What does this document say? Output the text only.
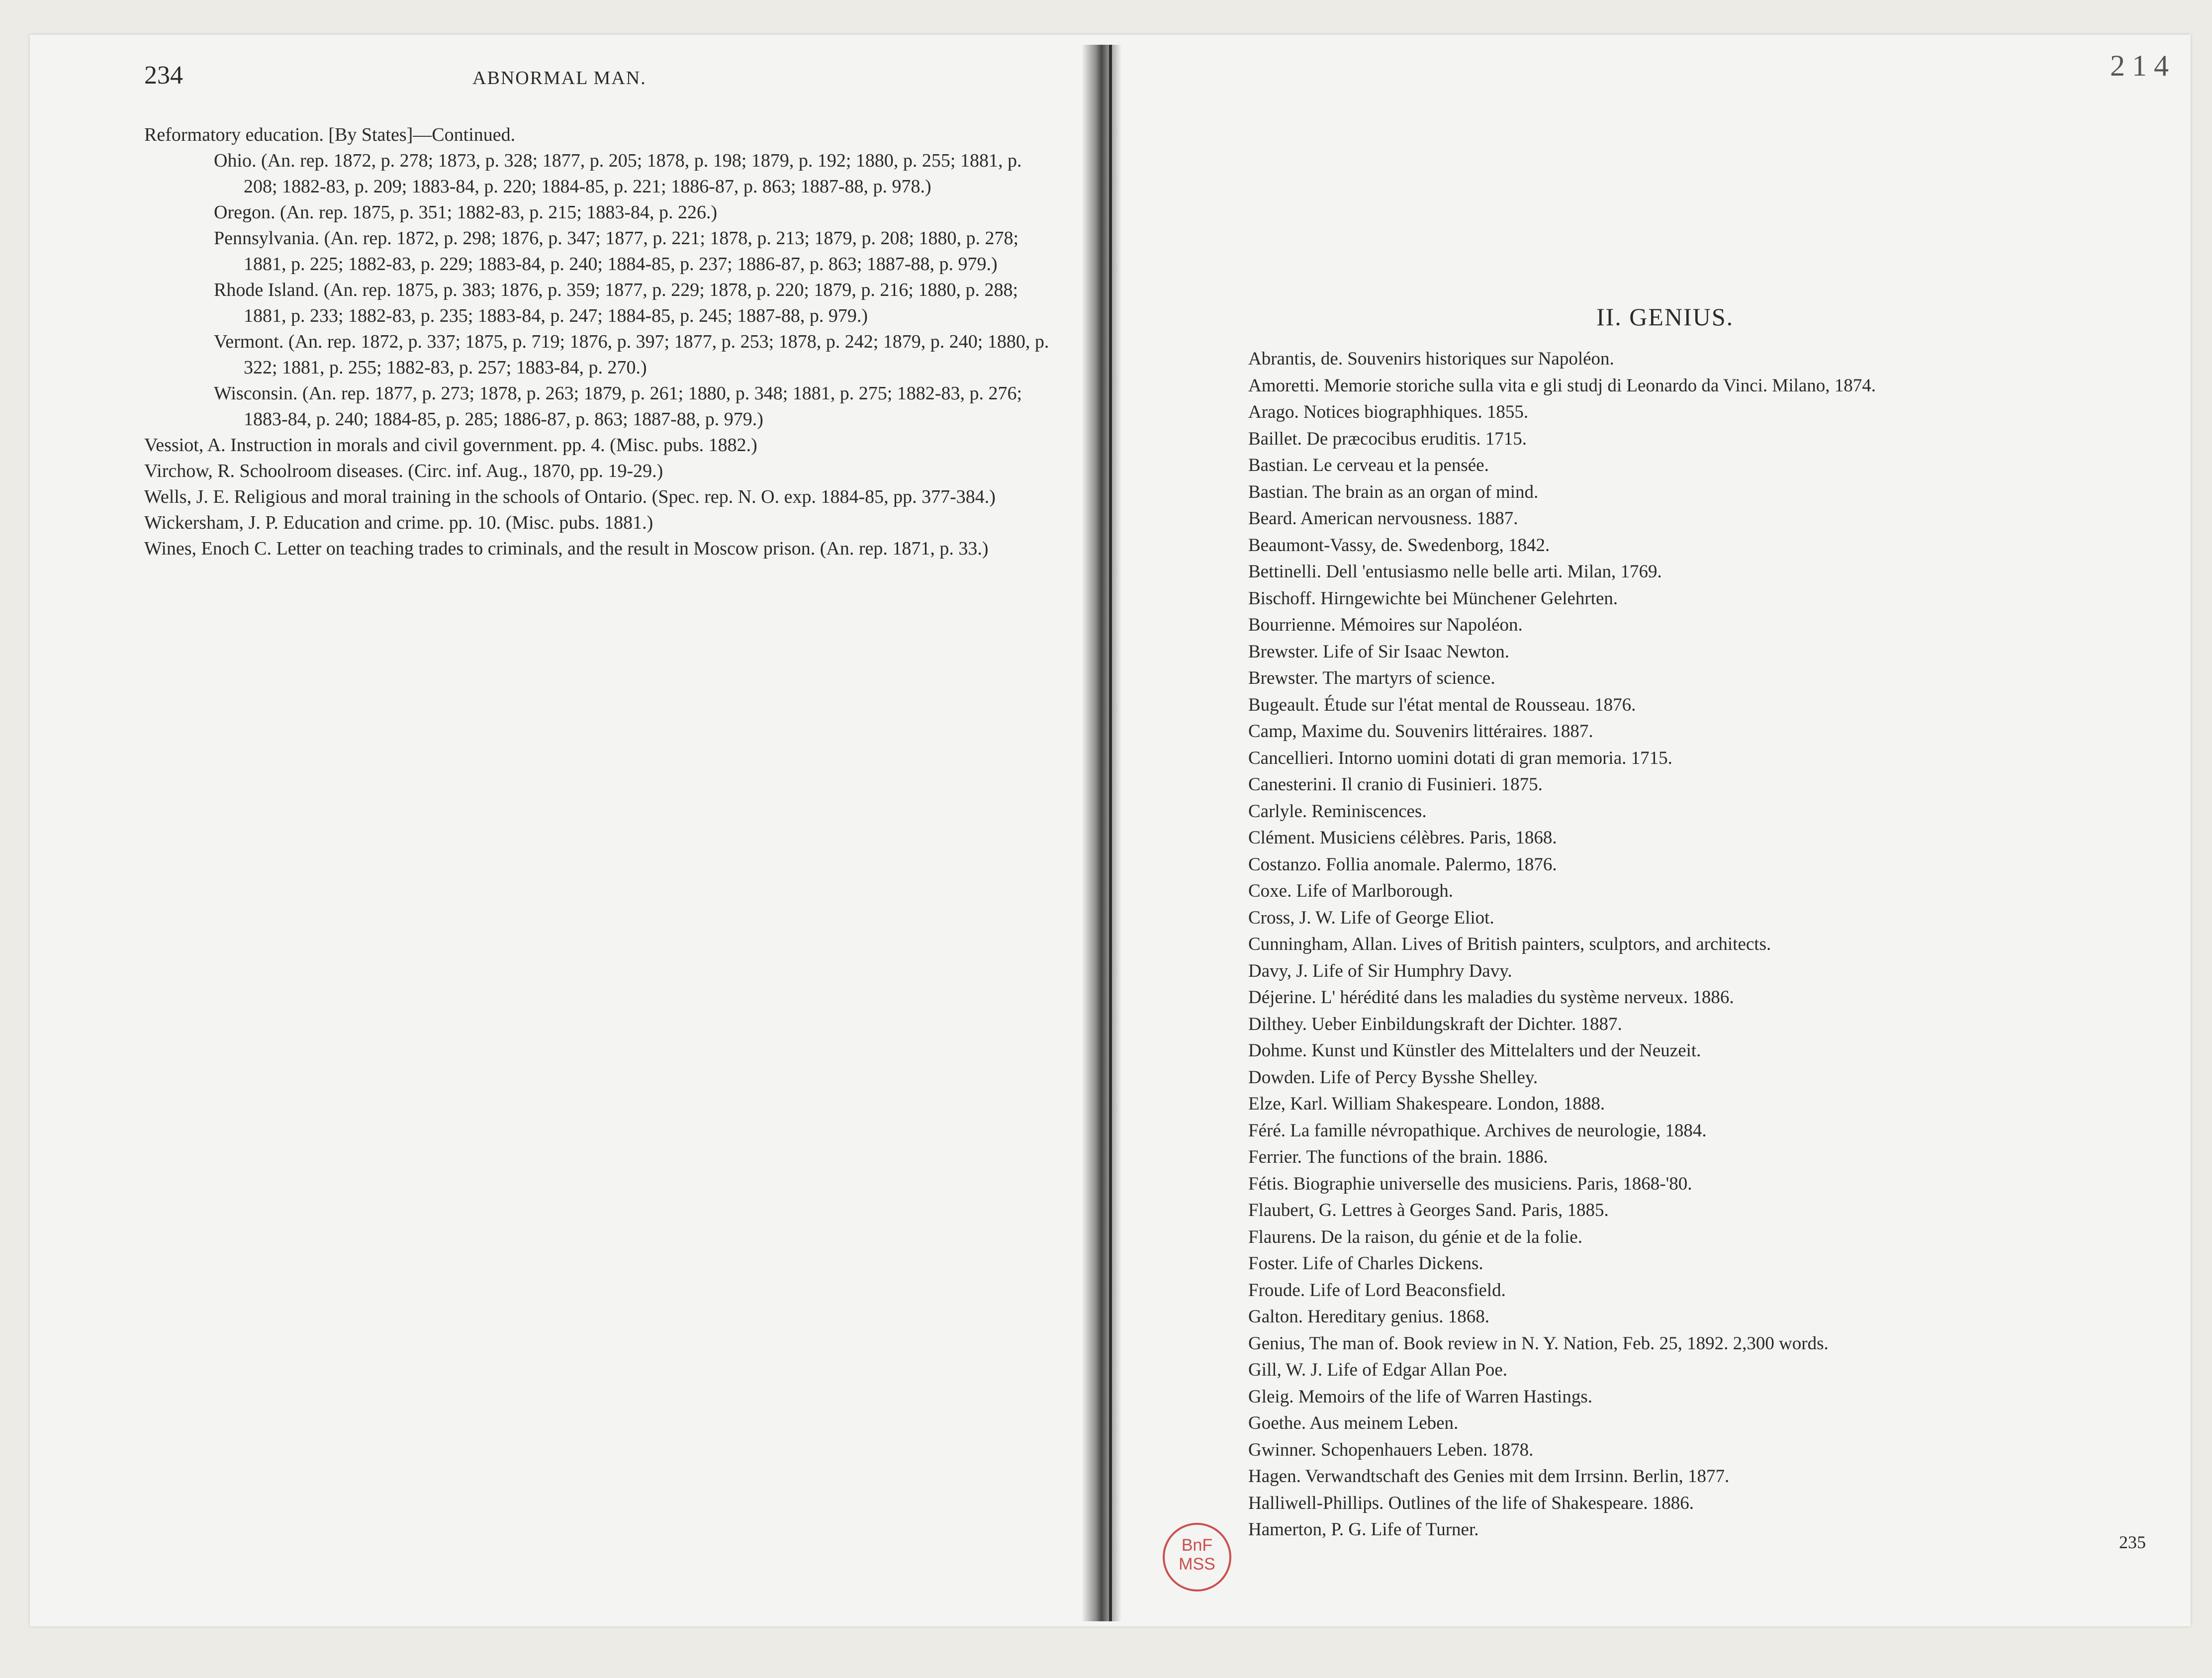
234	ABNORMAL MAN.

Reformatory education. [By States]—Continued.

Ohio. (An. rep. 1872, p. 278; 1873, p. 328; 1877, p. 205; 1878, p. 198; 1879, p. 192; 1880, p. 255; 1881, p. 208; 1882-83, p. 209; 1883-84, p. 220; 1884-85, p. 221; 1886-87, p. 863; 1887-88, p. 978.)

Oregon. (An. rep. 1875, p. 351; 1882-83, p. 215; 1883-84, p. 226.)

Pennsylvania. (An. rep. 1872, p. 298; 1876, p. 347; 1877, p. 221; 1878, p. 213; 1879, p. 208; 1880, p. 278; 1881, p. 225; 1882-83, p. 229; 1883-84, p. 240; 1884-85, p. 237; 1886-87, p. 863; 1887-88, p. 979.)

Rhode Island. (An. rep. 1875, p. 383; 1876, p. 359; 1877, p. 229; 1878, p. 220; 1879, p. 216; 1880, p. 288; 1881, p. 233; 1882-83, p. 235; 1883-84, p. 247; 1884-85, p. 245; 1887-88, p. 979.)

Vermont. (An. rep. 1872, p. 337; 1875, p. 719; 1876, p. 397; 1877, p. 253; 1878, p. 242; 1879, p. 240; 1880, p. 322; 1881, p. 255; 1882-83, p. 257; 1883-84, p. 270.)

Wisconsin. (An. rep. 1877, p. 273; 1878, p. 263; 1879, p. 261; 1880, p. 348; 1881, p. 275; 1882-83, p. 276; 1883-84, p. 240; 1884-85, p. 285; 1886-87, p. 863; 1887-88, p. 979.)

Vessiot, A. Instruction in morals and civil government. pp. 4. (Misc. pubs. 1882.)

Virchow, R. Schoolroom diseases. (Circ. inf. Aug., 1870, pp. 19-29.)

Wells, J. E. Religious and moral training in the schools of Ontario. (Spec. rep. N. O. exp. 1884-85, pp. 377-384.)

Wickersham, J. P. Education and crime. pp. 10. (Misc. pubs. 1881.)

Wines, Enoch C. Letter on teaching trades to criminals, and the result in Moscow prison. (An. rep. 1871, p. 33.)

214
II. GENIUS.

Abrantis, de. Souvenirs historiques sur Napoléon.

Amoretti. Memorie storiche sulla vita e gli studj di Leonardo da Vinci. Milano, 1874.

Arago. Notices biographhiques. 1855.

Baillet. De præcocibus eruditis. 1715.

Bastian. Le cerveau et la pensée.

Bastian. The brain as an organ of mind.

Beard. American nervousness. 1887.

Beaumont-Vassy, de. Swedenborg, 1842.

Bettinelli. Dell 'entusiasmo nelle belle arti. Milan, 1769.

Bischoff. Hirngewichte bei Münchener Gelehrten.

Bourrienne. Mémoires sur Napoléon.

Brewster. Life of Sir Isaac Newton.

Brewster. The martyrs of science.

Bugeault. Étude sur l'état mental de Rousseau. 1876.

Camp, Maxime du. Souvenirs littéraires. 1887.

Cancellieri. Intorno uomini dotati di gran memoria. 1715.

Canesterini. Il cranio di Fusinieri. 1875.

Carlyle. Reminiscences.

Clément. Musiciens célèbres. Paris, 1868.

Costanzo. Follia anomale. Palermo, 1876.

Coxe. Life of Marlborough.

Cross, J. W. Life of George Eliot.

Cunningham, Allan. Lives of British painters, sculptors, and architects.

Davy, J. Life of Sir Humphry Davy.

Déjerine. L' hérédité dans les maladies du système nerveux. 1886.

Dilthey. Ueber Einbildungskraft der Dichter. 1887.

Dohme. Kunst und Künstler des Mittelalters und der Neuzeit.

Dowden. Life of Percy Bysshe Shelley.

Elze, Karl. William Shakespeare. London, 1888.

Féré. La famille névropathique. Archives de neurologie, 1884.

Ferrier. The functions of the brain. 1886.

Fétis. Biographie universelle des musiciens. Paris, 1868-'80.

Flaubert, G. Lettres à Georges Sand. Paris, 1885.

Flaurens. De la raison, du génie et de la folie.

Foster. Life of Charles Dickens.

Froude. Life of Lord Beaconsfield.

Galton. Hereditary genius. 1868.

Genius, The man of. Book review in N. Y. Nation, Feb. 25, 1892. 2,300 words.

Gill, W. J. Life of Edgar Allan Poe.

Gleig. Memoirs of the life of Warren Hastings.

Goethe. Aus meinem Leben.

Gwinner. Schopenhauers Leben. 1878.

Hagen. Verwandtschaft des Genies mit dem Irrsinn. Berlin, 1877.

Halliwell-Phillips. Outlines of the life of Shakespeare. 1886.

Hamerton, P. G. Life of Turner.

235
BnF
MSS
